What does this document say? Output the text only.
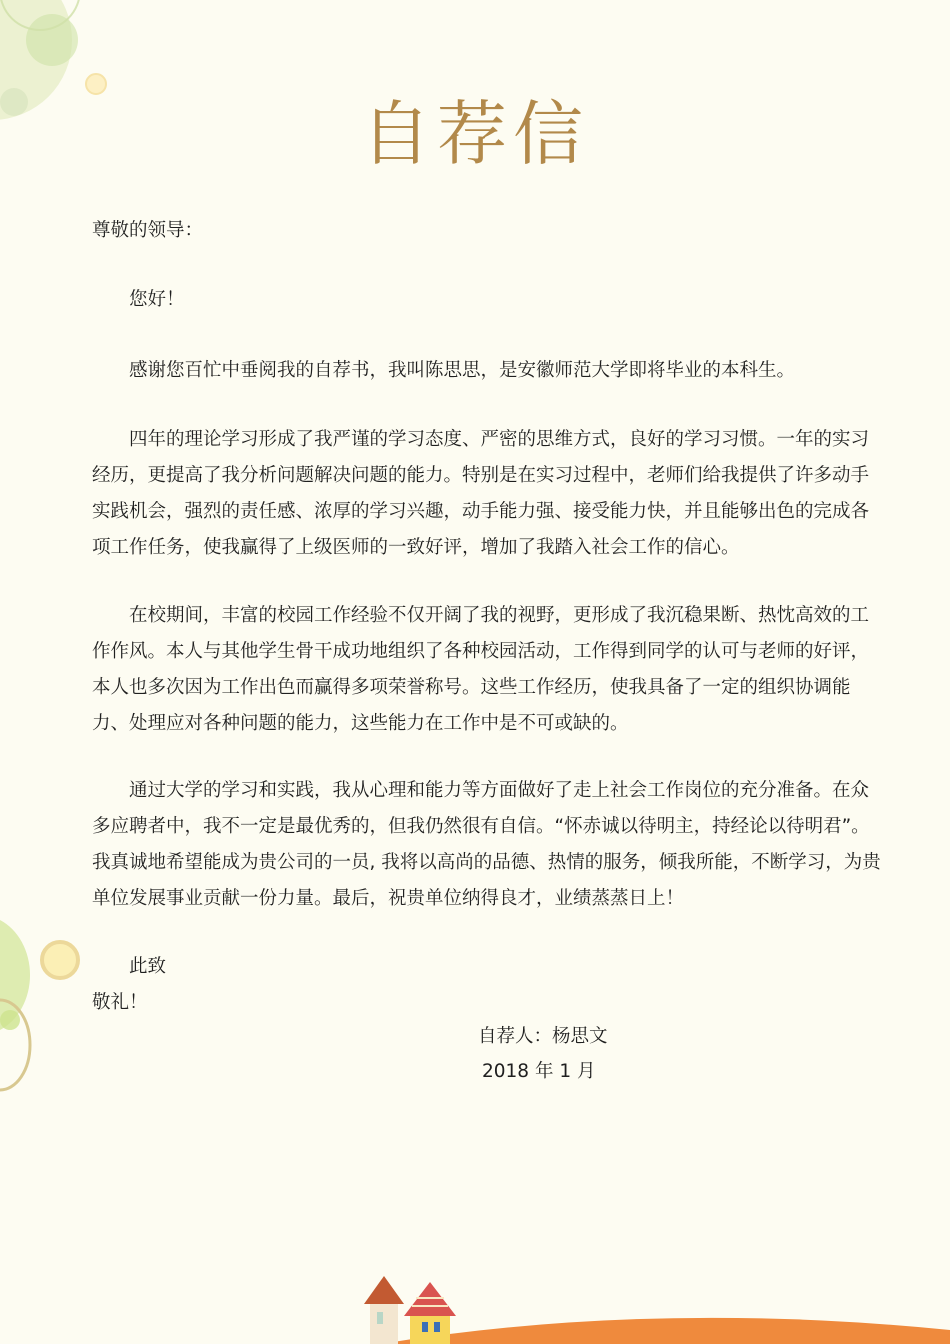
自荐信

尊敬的领导：

您好！

感谢您百忙中垂阅我的自荐书，我叫陈思思，是安徽师范大学即将毕业的本科生。

四年的理论学习形成了我严谨的学习态度、严密的思维方式，良好的学习习惯。一年的实习经历，更提高了我分析问题解决问题的能力。特别是在实习过程中，老师们给我提供了许多动手实践机会，强烈的责任感、浓厚的学习兴趣，动手能力强、接受能力快，并且能够出色的完成各项工作任务，使我赢得了上级医师的一致好评，增加了我踏入社会工作的信心。

在校期间，丰富的校园工作经验不仅开阔了我的视野，更形成了我沉稳果断、热忱高效的工作作风。本人与其他学生骨干成功地组织了各种校园活动，工作得到同学的认可与老师的好评，本人也多次因为工作出色而赢得多项荣誉称号。这些工作经历，使我具备了一定的组织协调能力、处理应对各种问题的能力，这些能力在工作中是不可或缺的。

通过大学的学习和实践，我从心理和能力等方面做好了走上社会工作岗位的充分准备。在众多应聘者中，我不一定是最优秀的，但我仍然很有自信。“怀赤诚以待明主，持经论以待明君”。我真诚地希望能成为贵公司的一员, 我将以高尚的品德、热情的服务，倾我所能，不断学习，为贵单位发展事业贡献一份力量。最后，祝贵单位纳得良才，业绩蒸蒸日上！

此致

敬礼！

自荐人：杨思文
2018 年 1 月
